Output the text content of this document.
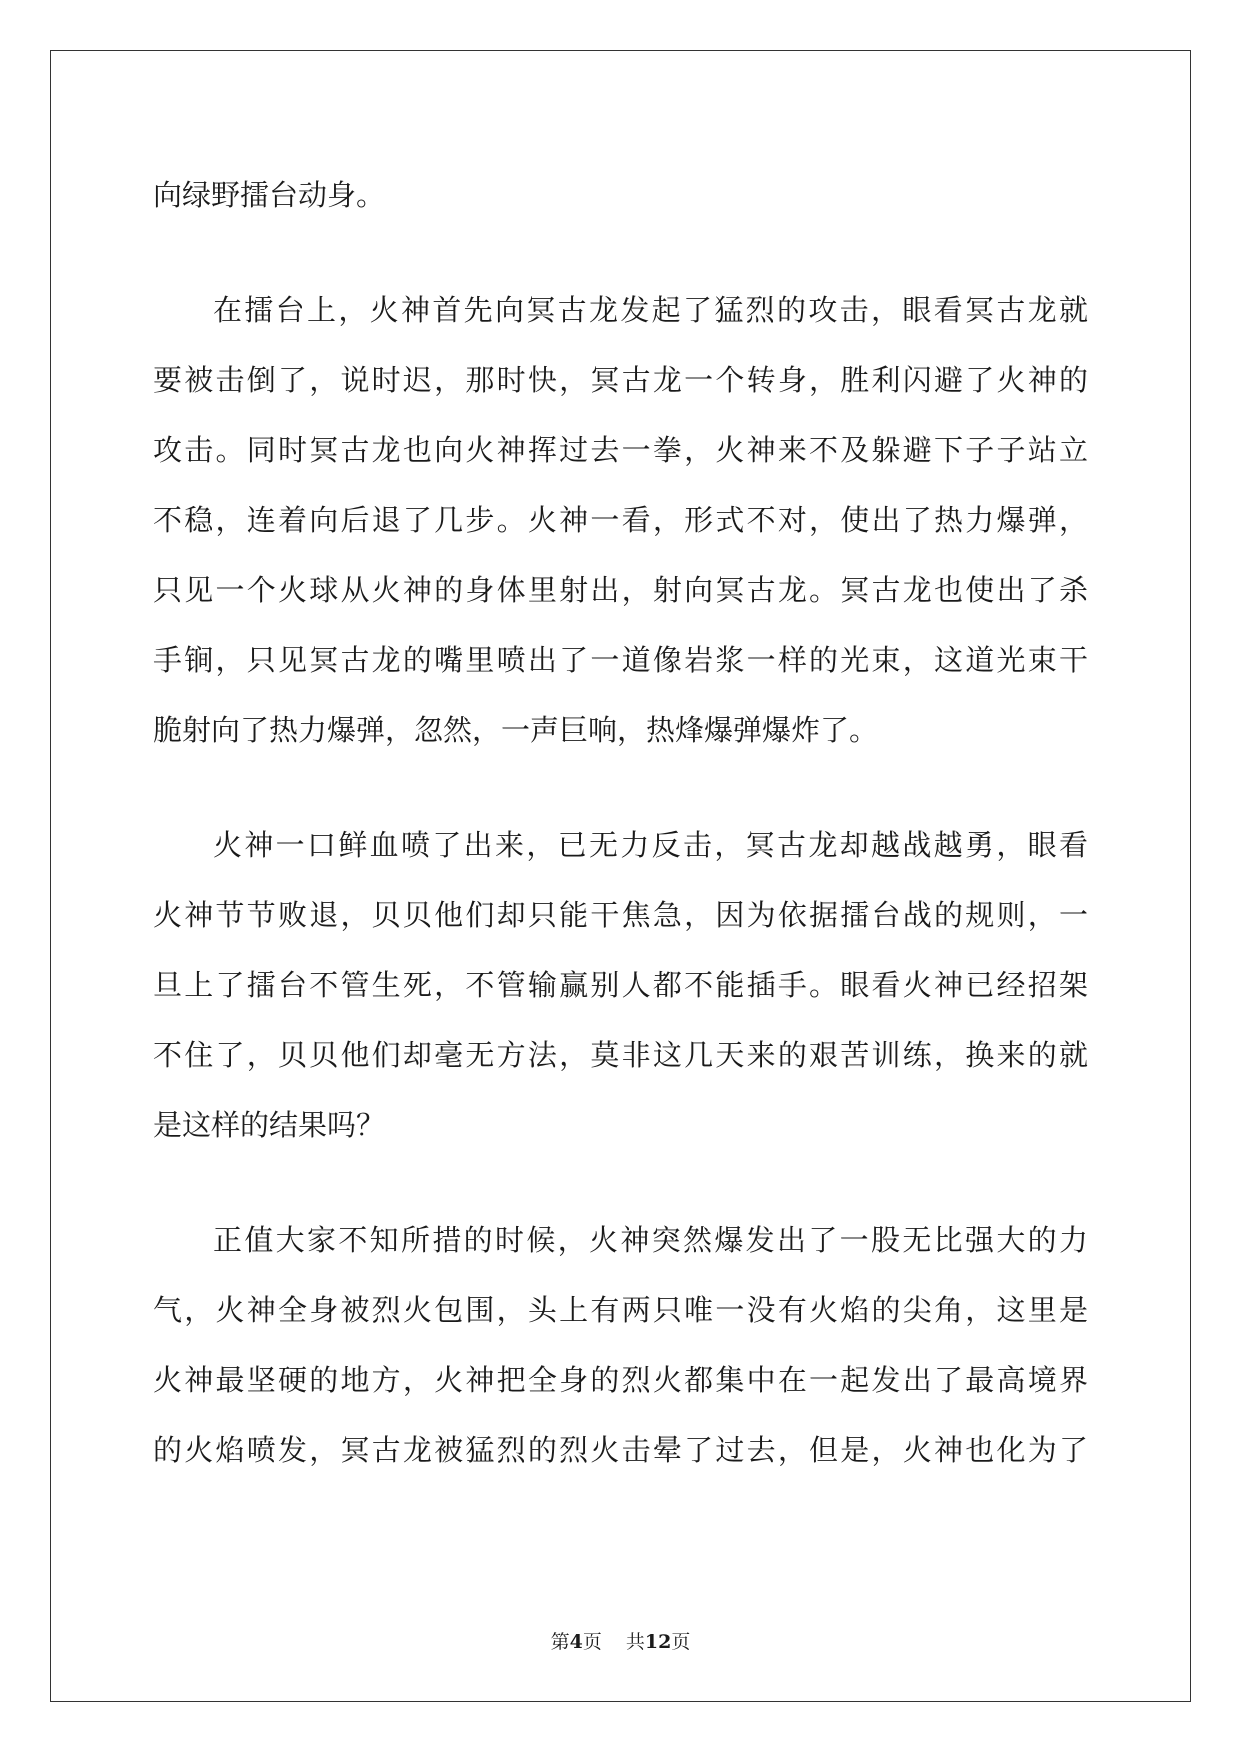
向绿野擂台动身。
在擂台上，火神首先向冥古龙发起了猛烈的攻击，眼看冥古龙就
要被击倒了，说时迟，那时快，冥古龙一个转身，胜利闪避了火神的
攻击。同时冥古龙也向火神挥过去一拳，火神来不及躲避下子子站立
不稳，连着向后退了几步。火神一看，形式不对，使出了热力爆弹，
只见一个火球从火神的身体里射出，射向冥古龙。冥古龙也使出了杀
手锏，只见冥古龙的嘴里喷出了一道像岩浆一样的光束，这道光束干
脆射向了热力爆弹，忽然，一声巨响，热烽爆弹爆炸了。
火神一口鲜血喷了出来，已无力反击，冥古龙却越战越勇，眼看
火神节节败退，贝贝他们却只能干焦急，因为依据擂台战的规则，一
旦上了擂台不管生死，不管输赢别人都不能插手。眼看火神已经招架
不住了，贝贝他们却毫无方法，莫非这几天来的艰苦训练，换来的就
是这样的结果吗？
正值大家不知所措的时候，火神突然爆发出了一股无比强大的力
气，火神全身被烈火包围，头上有两只唯一没有火焰的尖角，这里是
火神最坚硬的地方，火神把全身的烈火都集中在一起发出了最高境界
的火焰喷发，冥古龙被猛烈的烈火击晕了过去，但是，火神也化为了
第4页 共12页
